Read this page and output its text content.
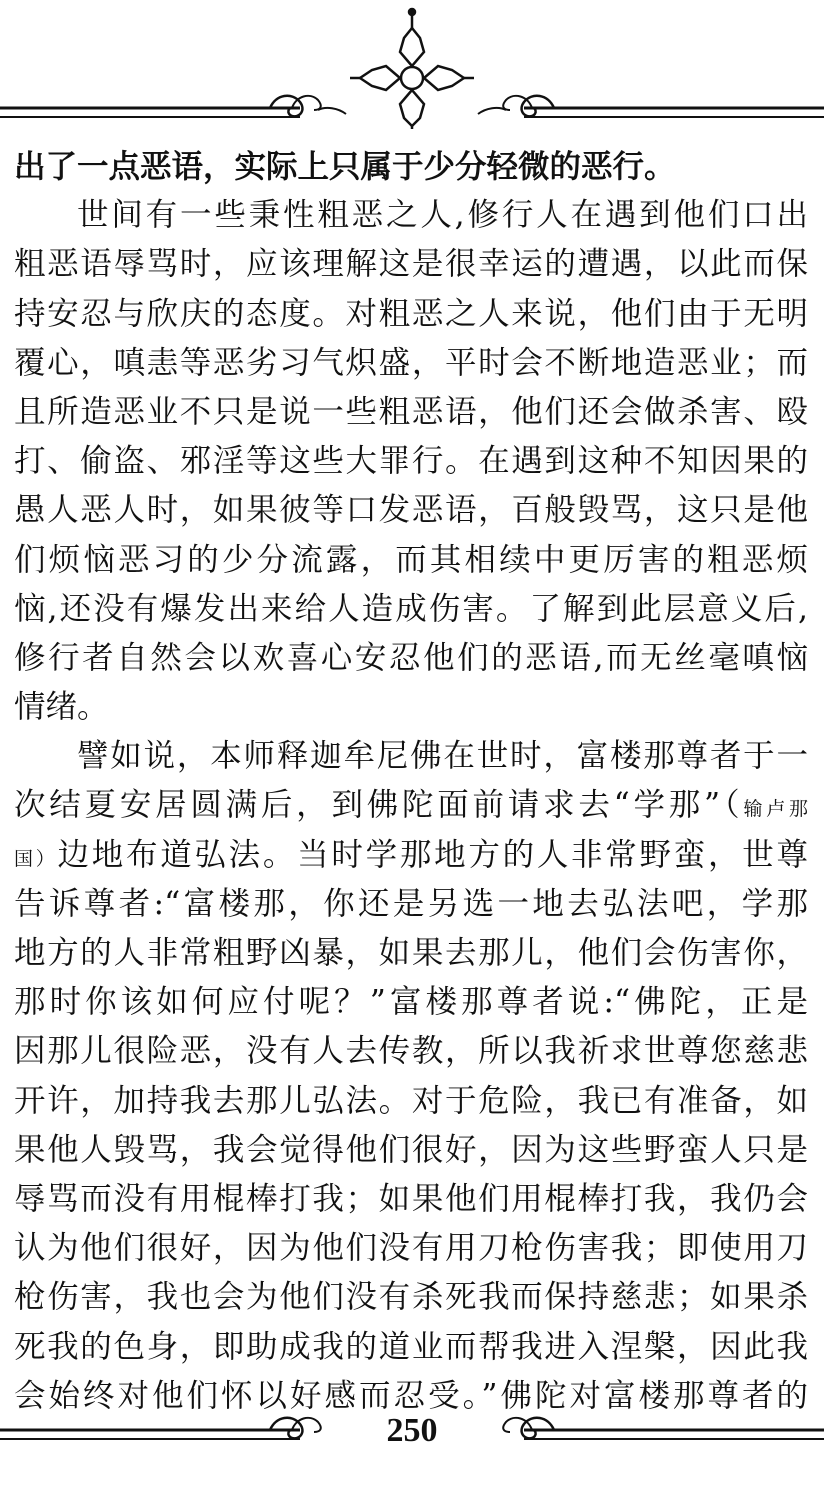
出了一点恶语，实际上只属于少分轻微的恶行。
世间有一些秉性粗恶之人,修行人在遇到他们口出
粗恶语辱骂时，应该理解这是很幸运的遭遇，以此而保
持安忍与欣庆的态度。对粗恶之人来说，他们由于无明
覆心，嗔恚等恶劣习气炽盛，平时会不断地造恶业；而
且所造恶业不只是说一些粗恶语，他们还会做杀害、殴
打、偷盗、邪淫等这些大罪行。在遇到这种不知因果的
愚人恶人时，如果彼等口发恶语，百般毁骂，这只是他
们烦恼恶习的少分流露，而其相续中更厉害的粗恶烦
恼,还没有爆发出来给人造成伤害。了解到此层意义后,
修行者自然会以欢喜心安忍他们的恶语,而无丝毫嗔恼
情绪。
譬如说，本师释迦牟尼佛在世时，富楼那尊者于一
次结夏安居圆满后，到佛陀面前请求去“学那”（输卢那
国）边地布道弘法。当时学那地方的人非常野蛮，世尊
告诉尊者:“富楼那，你还是另选一地去弘法吧，学那
地方的人非常粗野凶暴，如果去那儿，他们会伤害你，
那时你该如何应付呢？”富楼那尊者说:“佛陀，正是
因那儿很险恶，没有人去传教，所以我祈求世尊您慈悲
开许，加持我去那儿弘法。对于危险，我已有准备，如
果他人毁骂，我会觉得他们很好，因为这些野蛮人只是
辱骂而没有用棍棒打我；如果他们用棍棒打我，我仍会
认为他们很好，因为他们没有用刀枪伤害我；即使用刀
枪伤害，我也会为他们没有杀死我而保持慈悲；如果杀
死我的色身，即助成我的道业而帮我进入涅槃，因此我
会始终对他们怀以好感而忍受。”佛陀对富楼那尊者的
250
